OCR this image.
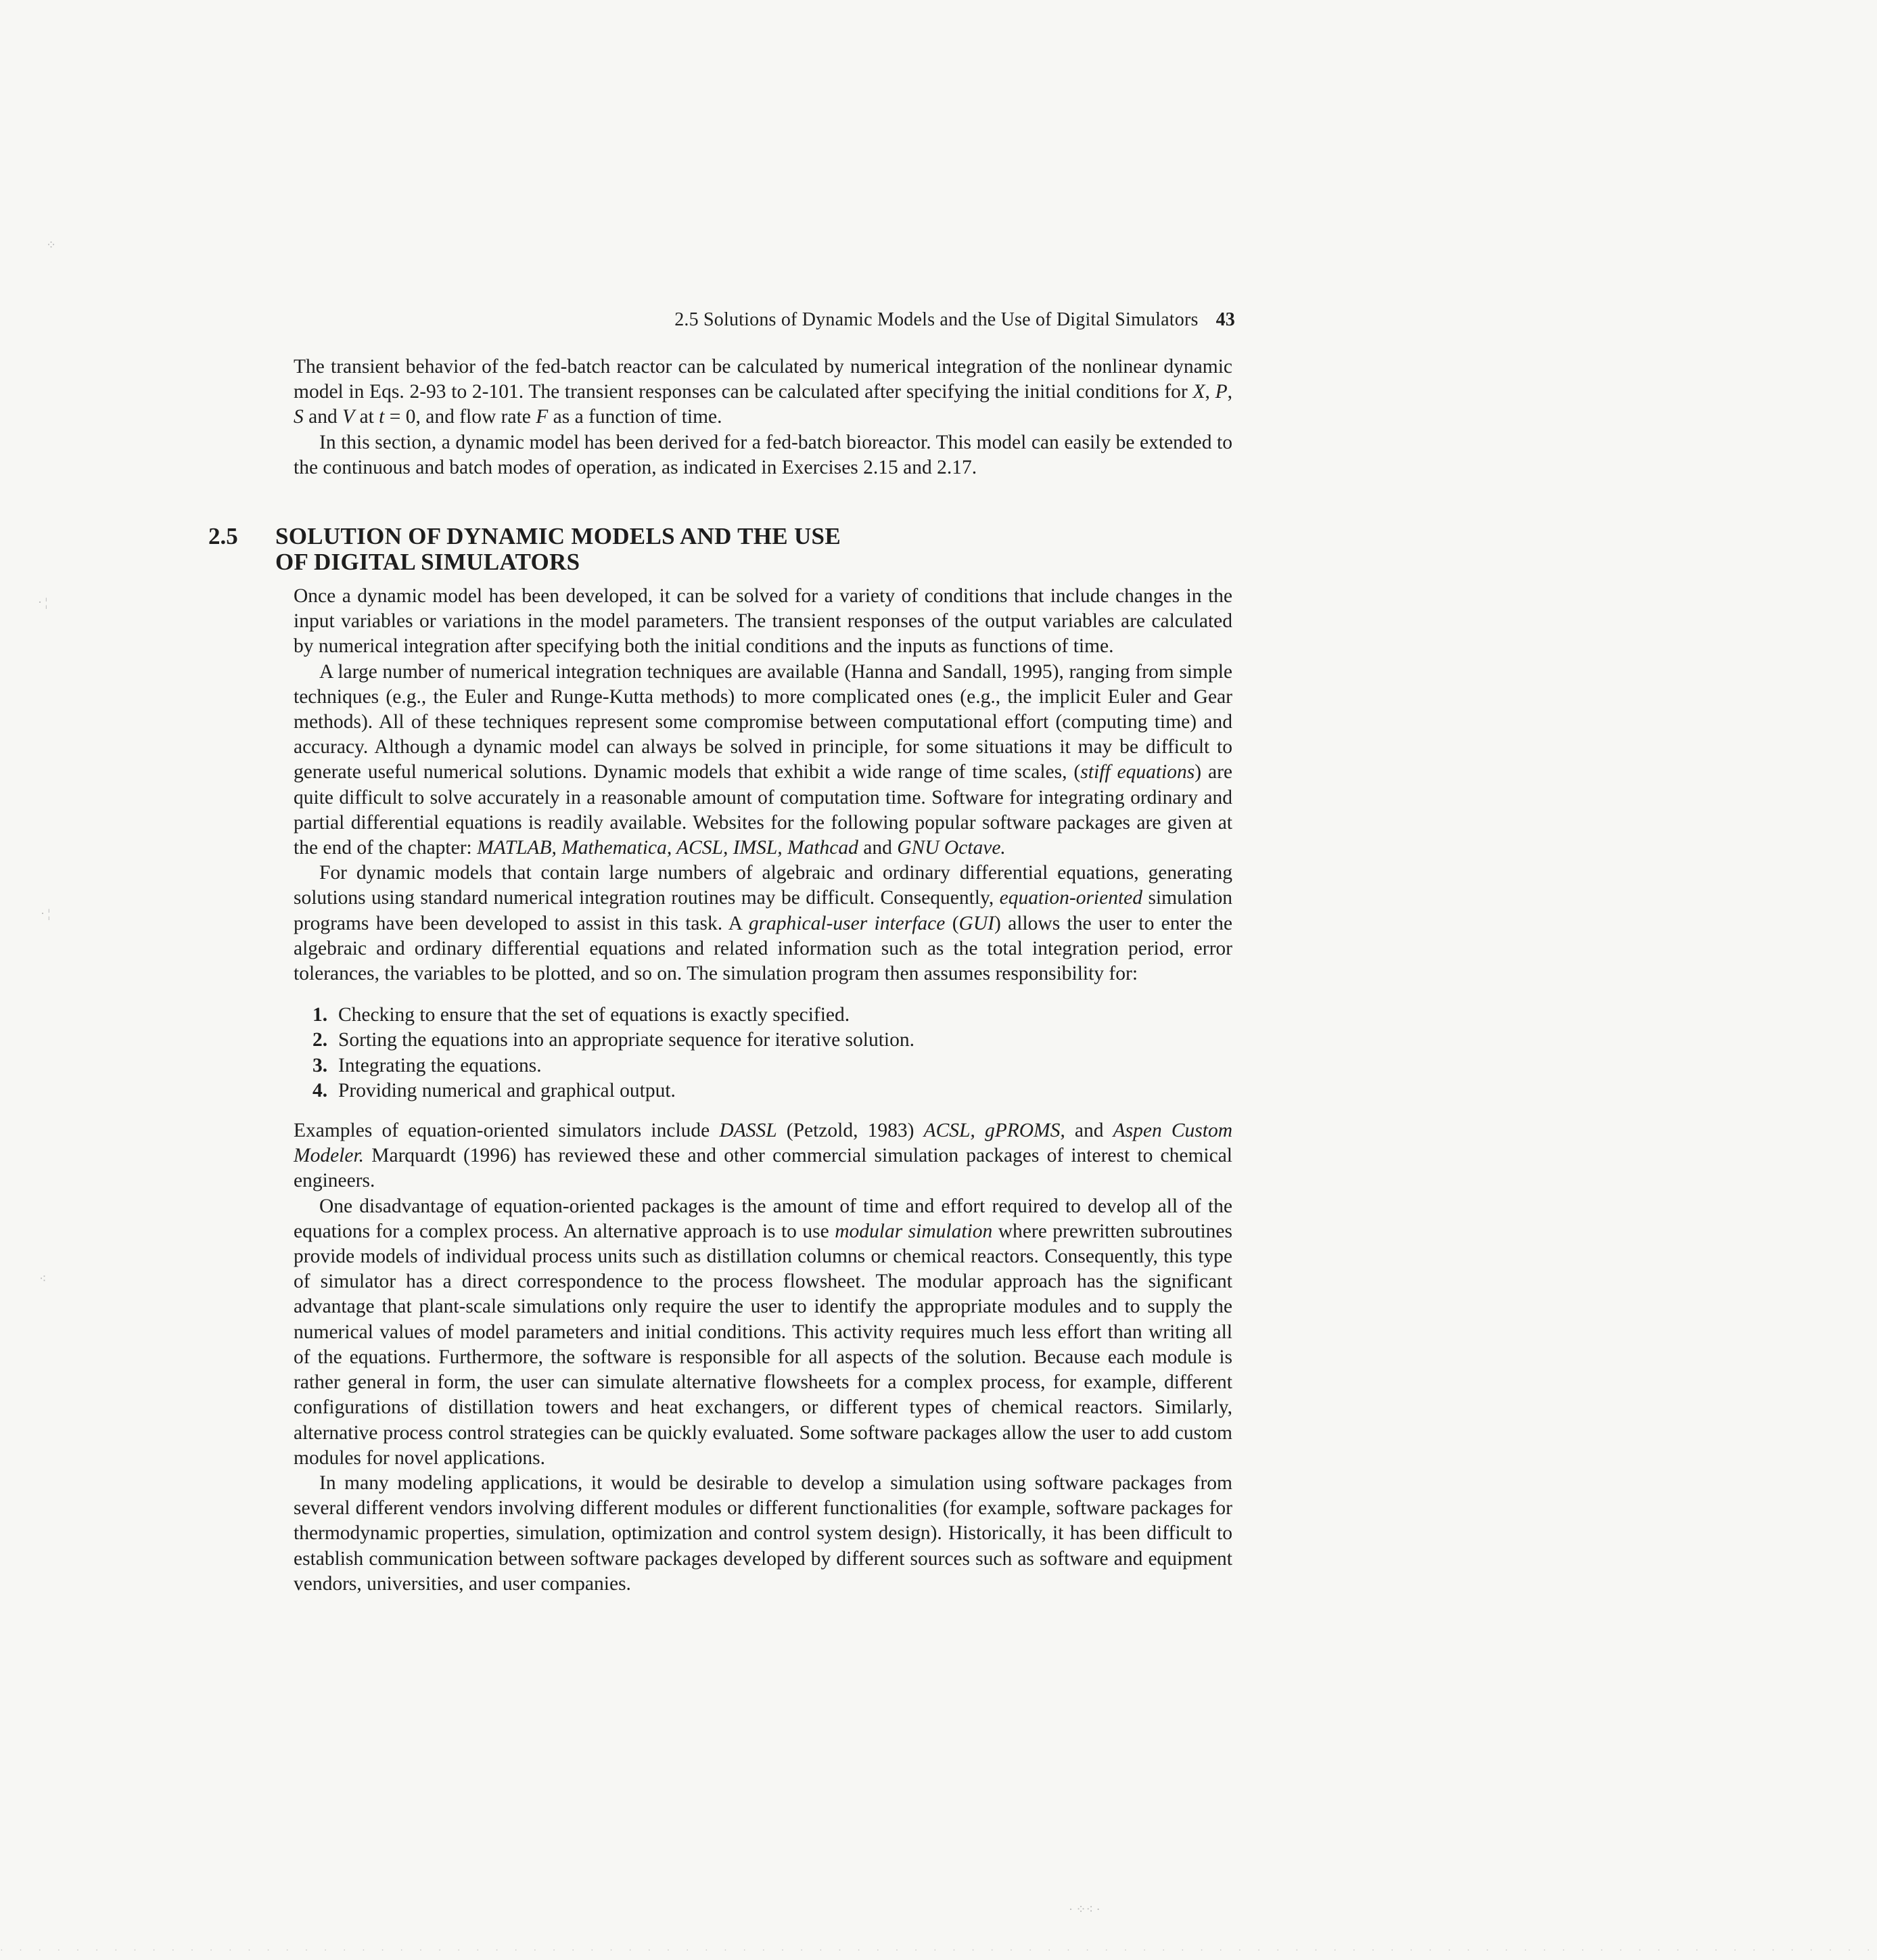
2.5 Solutions of Dynamic Models and the Use of Digital Simulators 43

The transient behavior of the fed-batch reactor can be calculated by numerical integration of the nonlinear dynamic model in Eqs. 2-93 to 2-101. The transient responses can be calculated after specifying the initial conditions for X, P, S and V at t = 0, and flow rate F as a function of time.

In this section, a dynamic model has been derived for a fed-batch bioreactor. This model can easily be extended to the continuous and batch modes of operation, as indicated in Exercises 2.15 and 2.17.

2.5 SOLUTION OF DYNAMIC MODELS AND THE USE
OF DIGITAL SIMULATORS

Once a dynamic model has been developed, it can be solved for a variety of conditions that include changes in the input variables or variations in the model parameters. The transient responses of the output variables are calculated by numerical integration after specifying both the initial conditions and the inputs as functions of time.

A large number of numerical integration techniques are available (Hanna and Sandall, 1995), ranging from simple techniques (e.g., the Euler and Runge-Kutta methods) to more complicated ones (e.g., the implicit Euler and Gear methods). All of these techniques represent some compromise between computational effort (computing time) and accuracy. Although a dynamic model can always be solved in principle, for some situations it may be difficult to generate useful numerical solutions. Dynamic models that exhibit a wide range of time scales, (stiff equations) are quite difficult to solve accurately in a reasonable amount of computation time. Software for integrating ordinary and partial differential equations is readily available. Websites for the following popular software packages are given at the end of the chapter: MATLAB, Mathematica, ACSL, IMSL, Mathcad and GNU Octave.

For dynamic models that contain large numbers of algebraic and ordinary differential equations, generating solutions using standard numerical integration routines may be difficult. Consequently, equation-oriented simulation programs have been developed to assist in this task. A graphical-user interface (GUI) allows the user to enter the algebraic and ordinary differential equations and related information such as the total integration period, error tolerances, the variables to be plotted, and so on. The simulation program then assumes responsibility for:

1. Checking to ensure that the set of equations is exactly specified.
2. Sorting the equations into an appropriate sequence for iterative solution.
3. Integrating the equations.
4. Providing numerical and graphical output.

Examples of equation-oriented simulators include DASSL (Petzold, 1983) ACSL, gPROMS, and Aspen Custom Modeler. Marquardt (1996) has reviewed these and other commercial simulation packages of interest to chemical engineers.

One disadvantage of equation-oriented packages is the amount of time and effort required to develop all of the equations for a complex process. An alternative approach is to use modular simulation where prewritten subroutines provide models of individual process units such as distillation columns or chemical reactors. Consequently, this type of simulator has a direct correspondence to the process flowsheet. The modular approach has the significant advantage that plant-scale simulations only require the user to identify the appropriate modules and to supply the numerical values of model parameters and initial conditions. This activity requires much less effort than writing all of the equations. Furthermore, the software is responsible for all aspects of the solution. Because each module is rather general in form, the user can simulate alternative flowsheets for a complex process, for example, different configurations of distillation towers and heat exchangers, or different types of chemical reactors. Similarly, alternative process control strategies can be quickly evaluated. Some software packages allow the user to add custom modules for novel applications.

In many modeling applications, it would be desirable to develop a simulation using software packages from several different vendors involving different modules or different functionalities (for example, software packages for thermodynamic properties, simulation, optimization and control system design). Historically, it has been difficult to establish communication between software packages developed by different sources such as software and equipment vendors, universities, and user companies.

⁘
· ¦
· ¦
⁖
· ⁘⁖ ·
· · · · · · · · · · · · · · · · · · · · · · · · · · · · · · · · · · · · · · · · · · · · · · · · · · · · · · · · · · · · · · · · · · · · · · · · · · · · · · · · · · · · · · · · · · · · · · · · · · ·
